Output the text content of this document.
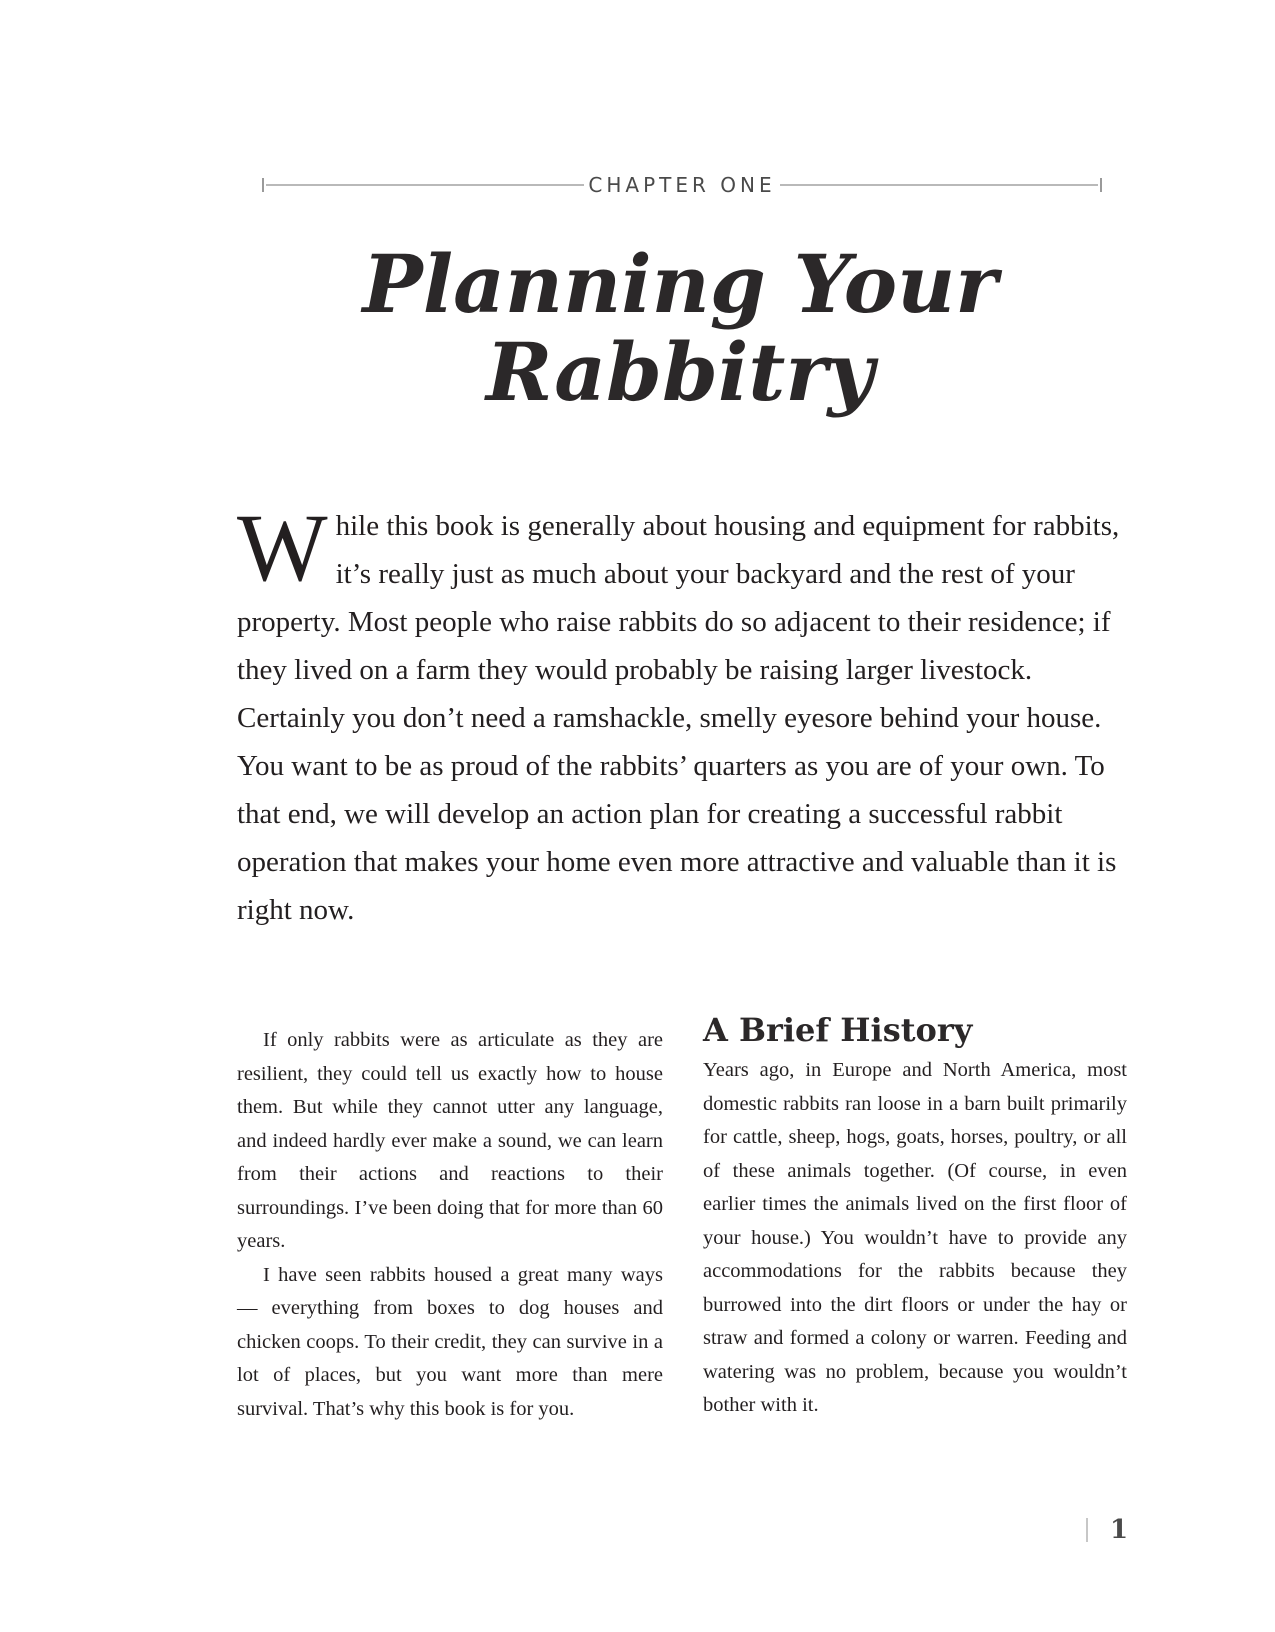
CHAPTER ONE
Planning Your
Rabbitry

While this book is generally about housing and equipment for rabbits, it’s really just as much about your backyard and the rest of your property. Most people who raise rabbits do so adjacent to their residence; if they lived on a farm they would probably be raising larger livestock. Certainly you don’t need a ramshackle, smelly eyesore behind your house. You want to be as proud of the rabbits’ quarters as you are of your own. To that end, we will develop an action plan for creating a successful rabbit operation that makes your home even more attractive and valuable than it is right now.

If only rabbits were as articulate as they are resilient, they could tell us exactly how to house them. But while they cannot utter any language, and indeed hardly ever make a sound, we can learn from their actions and reactions to their surroundings. I’ve been doing that for more than 60 years.

I have seen rabbits housed a great many ways — everything from boxes to dog houses and chicken coops. To their credit, they can survive in a lot of places, but you want more than mere survival. That’s why this book is for you.

A Brief History

Years ago, in Europe and North America, most domestic rabbits ran loose in a barn built primarily for cattle, sheep, hogs, goats, horses, poultry, or all of these animals together. (Of course, in even earlier times the animals lived on the first floor of your house.) You wouldn’t have to provide any accommodations for the rabbits because they burrowed into the dirt floors or under the hay or straw and formed a colony or warren. Feeding and watering was no problem, because you wouldn’t bother with it.

1
